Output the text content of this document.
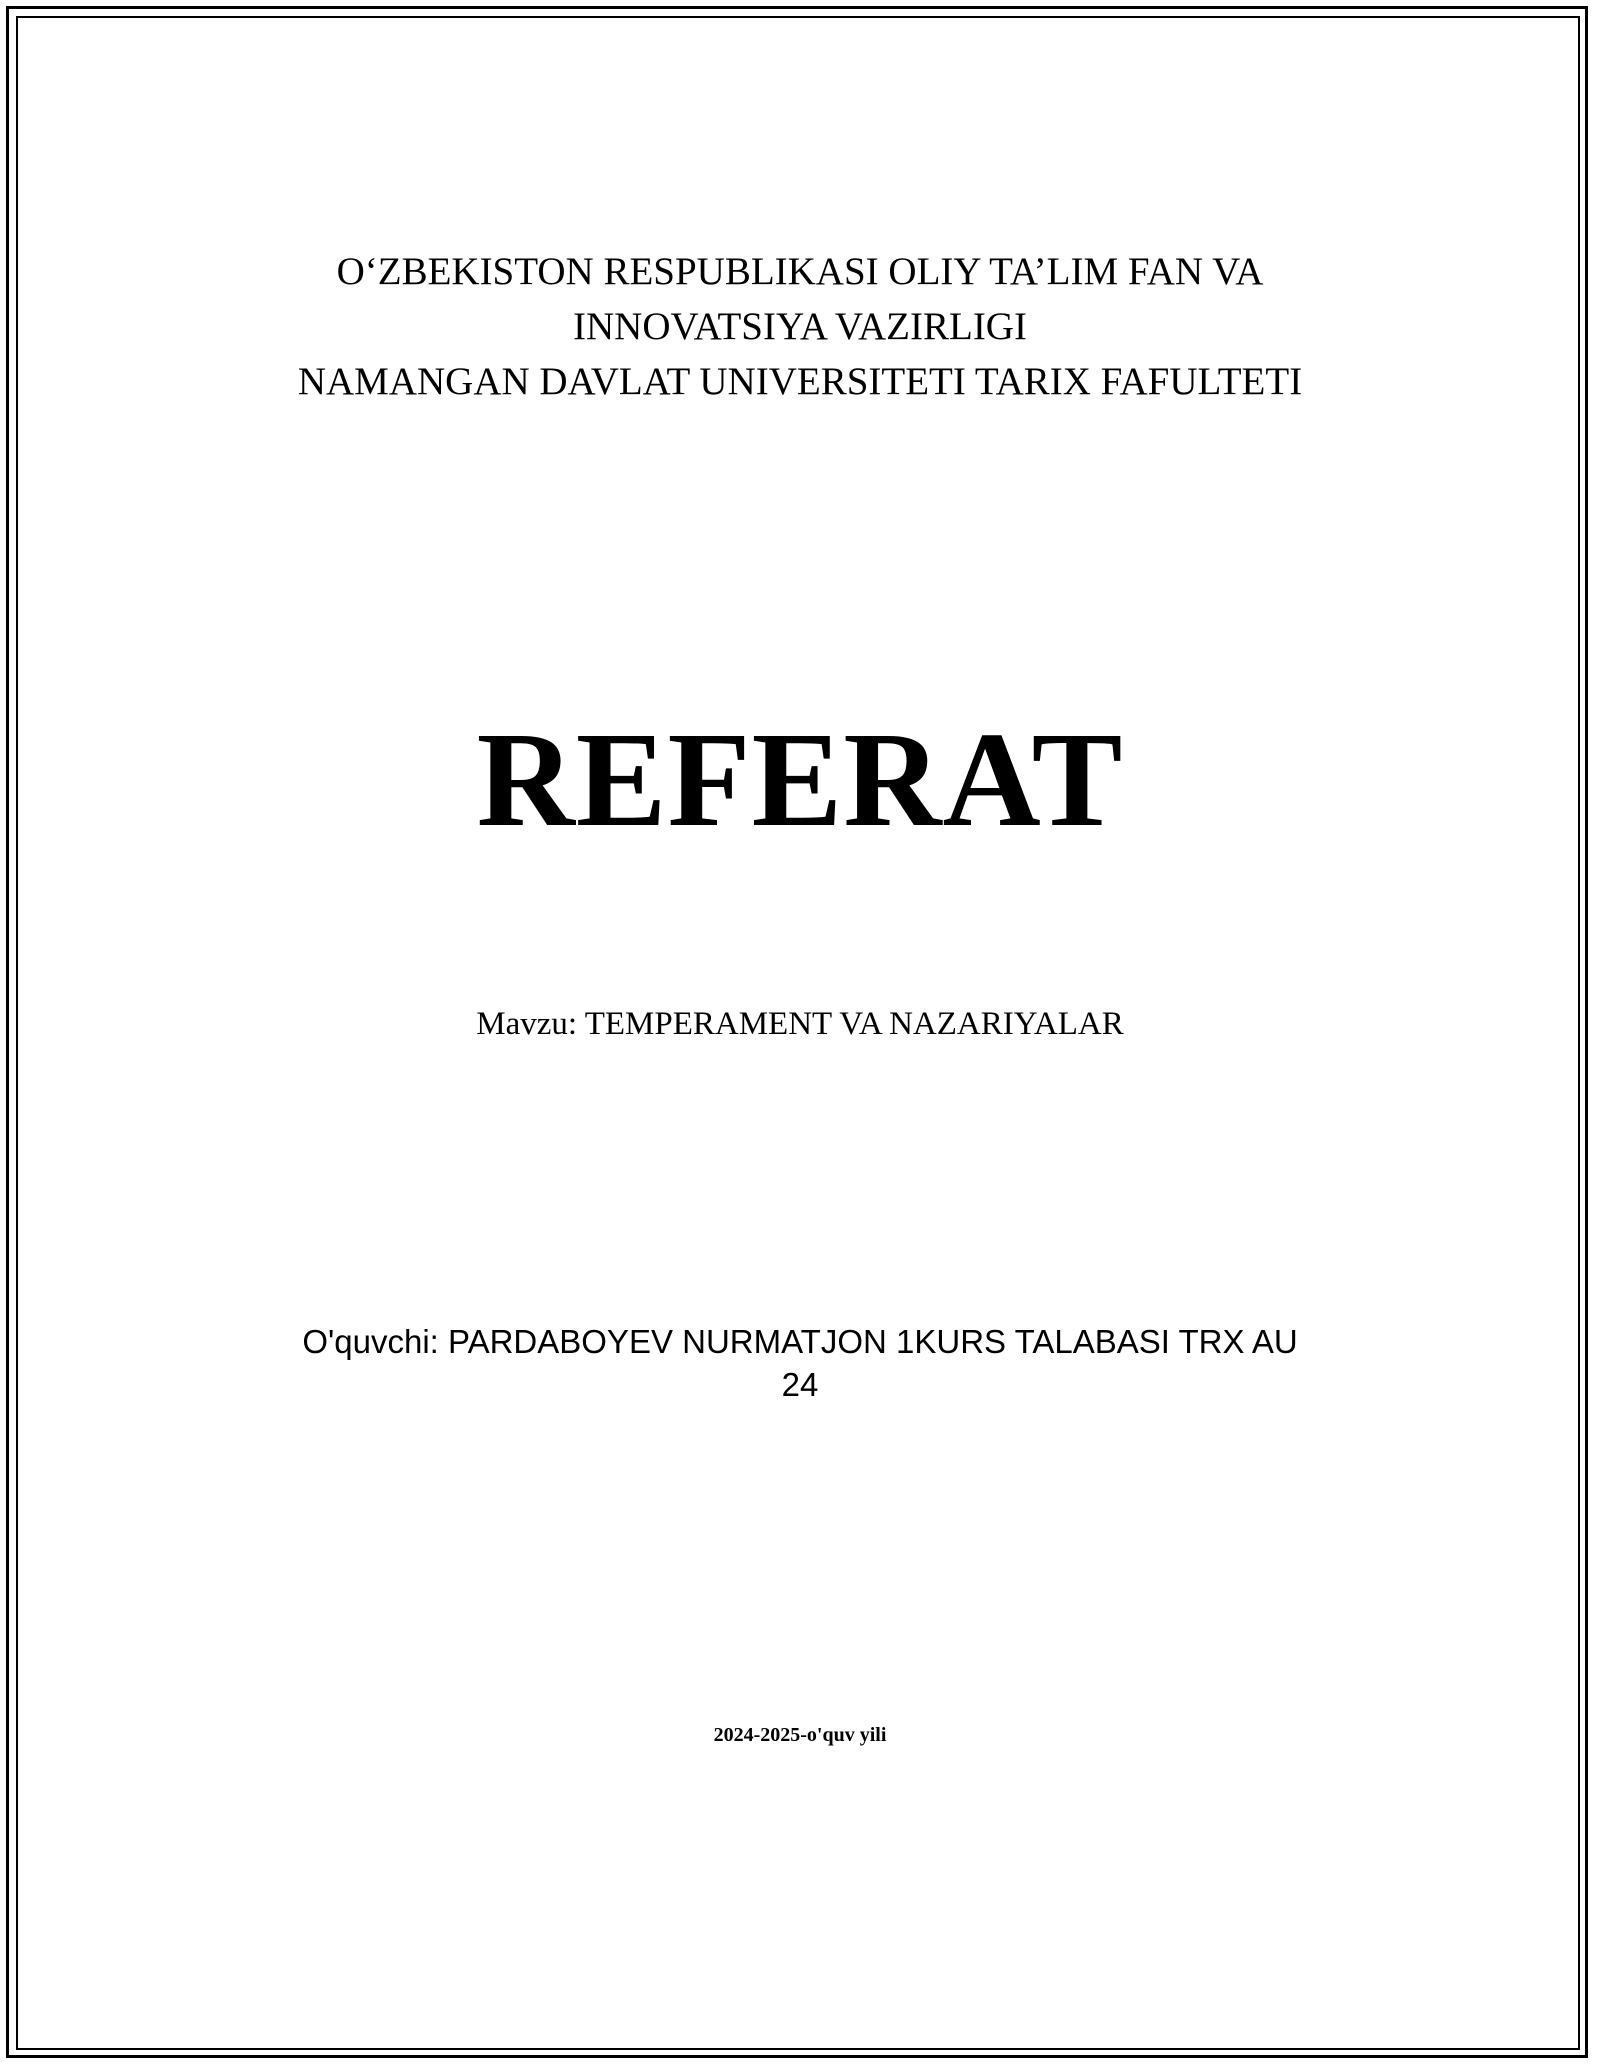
O‘ZBEKISTON RESPUBLIKASI OLIY TA’LIM FAN VA
INNOVATSIYA VAZIRLIGI
NAMANGAN DAVLAT UNIVERSITETI TARIX FAFULTETI
REFERAT
Mavzu: TEMPERAMENT VA NAZARIYALAR
O'quvchi: PARDABOYEV NURMATJON 1KURS TALABASI TRX AU
24
2024-2025-o'quv yili
